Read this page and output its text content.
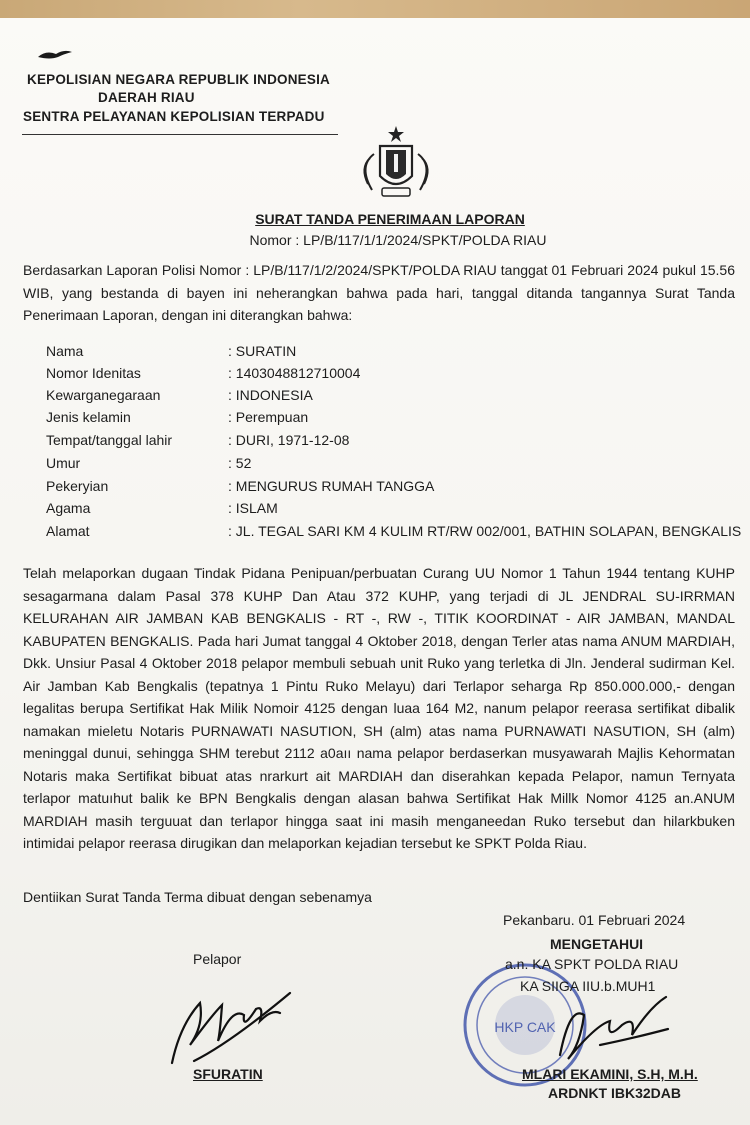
KEPOLISIAN NEGARA REPUBLIK INDONESIA
DAERAH RIAU
SENTRA PELAYANAN KEPOLISIAN TERPADU
SURAT TANDA PENERIMAAN LAPORAN
Nomor : LP/B/117/1/1/2024/SPKT/POLDA RIAU
Berdasarkan Laporan Polisi Nomor : LP/B/117/1/2/2024/SPKT/POLDA RIAU tanggat 01 Februari 2024 pukul 15.56 WIB, yang bestanda di bayen ini neherangkan bahwa pada hari, tanggal ditanda tangannya Surat Tanda Penerimaan Laporan, dengan ini diterangkan bahwa:
Nama	: SURATIN
Nomor Idenitas	: 1403048812710004
Kewarganegaraan	: INDONESIA
Jenis kelamin	: Perempuan
Tempat/tanggal lahir	: DURI, 1971-12-08
Umur	: 52
Pekeryian	: MENGURUS RUMAH TANGGA
Agama	: ISLAM
Alamat	: JL. TEGAL SARI KM 4 KULIM RT/RW 002/001, BATHIN SOLAPAN, BENGKALIS
Telah melaporkan dugaan Tindak Pidana Penipuan/perbuatan Curang UU Nomor 1 Tahun 1944 tentang KUHP sesagarmana dalam Pasal 378 KUHP Dan Atau 372 KUHP, yang terjadi di JL JENDRAL SU-IRRMAN KELURAHAN AIR JAMBAN KAB BENGKALIS - RT -, RW -, TITIK KOORDINAT - AIR JAMBAN, MANDAL KABUPATEN BENGKALIS. Pada hari Jumat tanggal 4 Oktober 2018, dengan Terler atas nama ANUM MARDIAH, Dkk. Unsiur Pasal 4 Oktober 2018 pelapor membuli sebuah unit Ruko yang terletka di Jln. Jenderal sudirman Kel. Air Jamban Kab Bengkalis (tepatnya 1 Pintu Ruko Melayu) dari Terlapor seharga Rp 850.000.000,- dengan legalitas berupa Sertifikat Hak Milik Nomoir 4125 dengan luaa 164 M2, nanum pelapor reerasa sertifikat dibalik namakan mieletu Notaris PURNAWATI NASUTION, SH (alm) atas nama PURNAWATI NASUTION, SH (alm) meninggal dunui, sehingga SHM terebut 2112 a0aıı nama pelapor berdaserkan musyawarah Majlis Kehormatan Notaris maka Sertifikat bibuat atas nrarkurt ait MARDIAH dan diserahkan kepada Pelapor, namun Ternyata terlapor matuıhut balik ke BPN Bengkalis dengan alasan bahwa Sertifikat Hak Millk Nomor 4125 an.ANUM MARDIAH masih terguuat dan terlapor hingga saat ini masih menganeedan Ruko tersebut dan hilarkbuken intimidai pelapor reerasa dirugikan dan melaporkan kejadian tersebut ke SPKT Polda Riau.
Dentiikan Surat Tanda Terma dibuat dengan sebenamya
Pekanbaru. 01 Februari 2024
MENGETAHUI
Pelapor
HKP CAK
a.n. KA SPKT POLDA RIAU
KA SIIGA IIU.b.MUH1
SFURATIN	MLARI EKAMINI, S.H, M.H.
ARDNKT IBK32DAB
